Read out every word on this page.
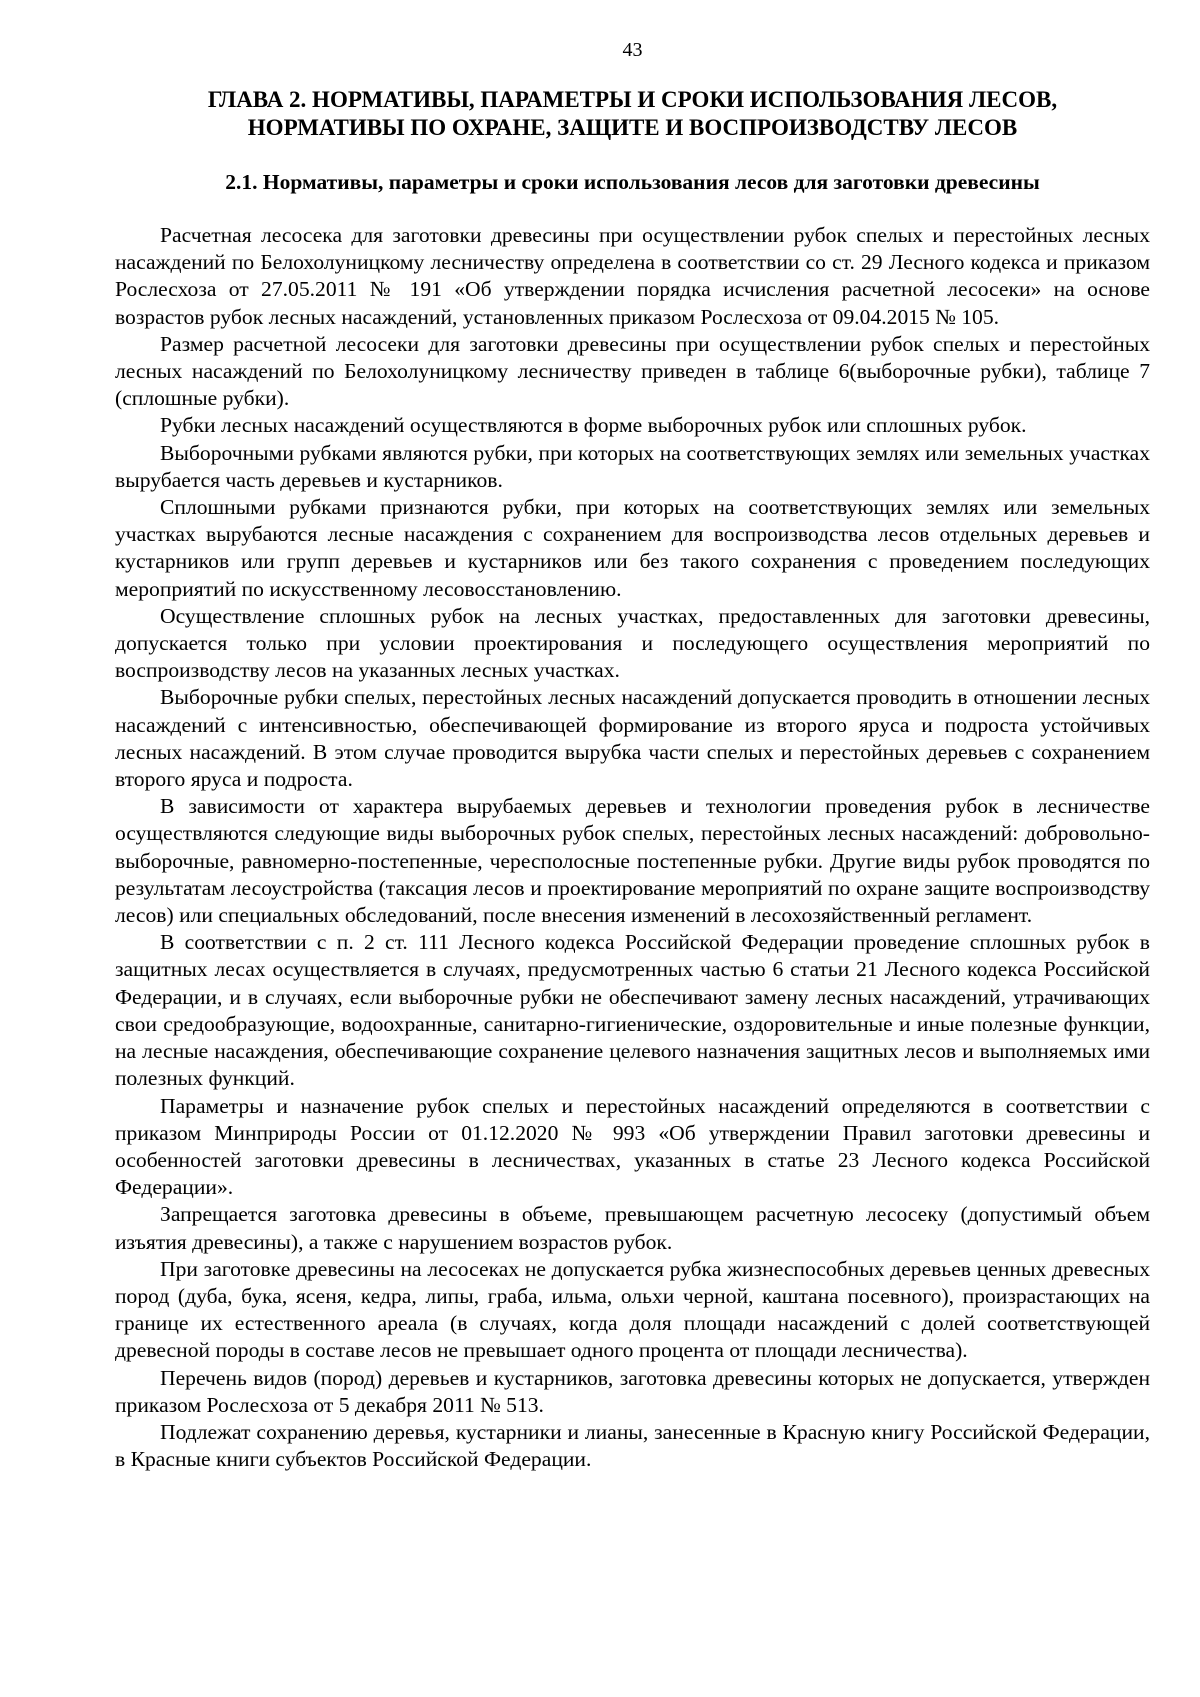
43
ГЛАВА 2. НОРМАТИВЫ, ПАРАМЕТРЫ И СРОКИ ИСПОЛЬЗОВАНИЯ ЛЕСОВ,
НОРМАТИВЫ ПО ОХРАНЕ, ЗАЩИТЕ И ВОСПРОИЗВОДСТВУ ЛЕСОВ
2.1. Нормативы, параметры и сроки использования лесов для заготовки древесины

Расчетная лесосека для заготовки древесины при осуществлении рубок спелых и перестойных лесных насаждений по Белохолуницкому лесничеству определена в соответствии со ст. 29 Лесного кодекса и приказом Рослесхоза от 27.05.2011 № 191 «Об утверждении порядка исчисления расчетной лесосеки» на основе возрастов рубок лесных насаждений, установленных приказом Рослесхоза от 09.04.2015 № 105.

Размер расчетной лесосеки для заготовки древесины при осуществлении рубок спелых и перестойных лесных насаждений по Белохолуницкому лесничеству приведен в таблице 6(выборочные рубки), таблице 7 (сплошные рубки).

Рубки лесных насаждений осуществляются в форме выборочных рубок или сплошных рубок.

Выборочными рубками являются рубки, при которых на соответствующих землях или земельных участках вырубается часть деревьев и кустарников.

Сплошными рубками признаются рубки, при которых на соответствующих землях или земельных участках вырубаются лесные насаждения с сохранением для воспроизводства лесов отдельных деревьев и кустарников или групп деревьев и кустарников или без такого сохранения с проведением последующих мероприятий по искусственному лесовосстановлению.

Осуществление сплошных рубок на лесных участках, предоставленных для заготовки древесины, допускается только при условии проектирования и последующего осуществления мероприятий по воспроизводству лесов на указанных лесных участках.

Выборочные рубки спелых, перестойных лесных насаждений допускается проводить в отношении лесных насаждений с интенсивностью, обеспечивающей формирование из второго яруса и подроста устойчивых лесных насаждений. В этом случае проводится вырубка части спелых и перестойных деревьев с сохранением второго яруса и подроста.

В зависимости от характера вырубаемых деревьев и технологии проведения рубок в лесничестве осуществляются следующие виды выборочных рубок спелых, перестойных лесных насаждений: добровольно-выборочные, равномерно-постепенные, чересполосные постепенные рубки. Другие виды рубок проводятся по результатам лесоустройства (таксация лесов и проектирование мероприятий по охране защите воспроизводству лесов) или специальных обследований, после внесения изменений в лесохозяйственный регламент.

В соответствии с п. 2 ст. 111 Лесного кодекса Российской Федерации проведение сплошных рубок в защитных лесах осуществляется в случаях, предусмотренных частью 6 статьи 21 Лесного кодекса Российской Федерации, и в случаях, если выборочные рубки не обеспечивают замену лесных насаждений, утрачивающих свои средообразующие, водоохранные, санитарно-гигиенические, оздоровительные и иные полезные функции, на лесные насаждения, обеспечивающие сохранение целевого назначения защитных лесов и выполняемых ими полезных функций.

Параметры и назначение рубок спелых и перестойных насаждений определяются в соответствии с приказом Минприроды России от 01.12.2020 № 993 «Об утверждении Правил заготовки древесины и особенностей заготовки древесины в лесничествах, указанных в статье 23 Лесного кодекса Российской Федерации».

Запрещается заготовка древесины в объеме, превышающем расчетную лесосеку (допустимый объем изъятия древесины), а также с нарушением возрастов рубок.

При заготовке древесины на лесосеках не допускается рубка жизнеспособных деревьев ценных древесных пород (дуба, бука, ясеня, кедра, липы, граба, ильма, ольхи черной, каштана посевного), произрастающих на границе их естественного ареала (в случаях, когда доля площади насаждений с долей соответствующей древесной породы в составе лесов не превышает одного процента от площади лесничества).

Перечень видов (пород) деревьев и кустарников, заготовка древесины которых не допускается, утвержден приказом Рослесхоза от 5 декабря 2011 № 513.

Подлежат сохранению деревья, кустарники и лианы, занесенные в Красную книгу Российской Федерации, в Красные книги субъектов Российской Федерации.
